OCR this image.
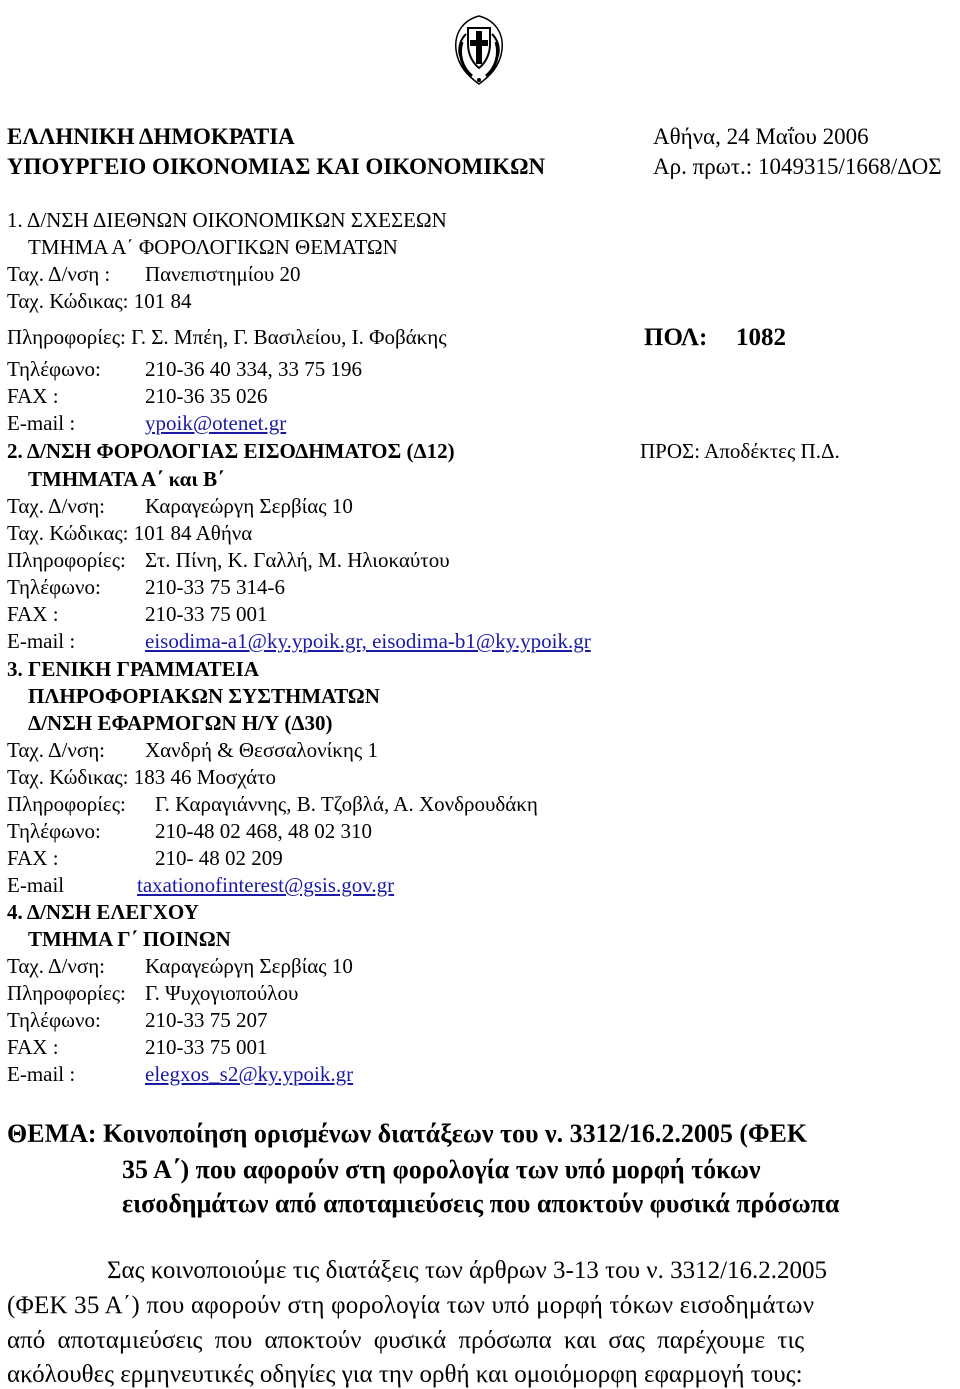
ΕΛΛΗΝΙΚΗ ΔΗΜΟΚΡΑΤΙΑ
ΥΠΟΥΡΓΕΙΟ ΟΙΚΟΝΟΜΙΑΣ ΚΑΙ ΟΙΚΟΝΟΜΙΚΩΝ
Αθήνα, 24 Μαΐου 2006
Αρ. πρωτ.: 1049315/1668/ΔΟΣ
1. Δ/ΝΣΗ ΔΙΕΘΝΩΝ ΟΙΚΟΝΟΜΙΚΩΝ ΣΧΕΣΕΩΝ
ΤΜΗΜΑ Α΄ ΦΟΡΟΛΟΓΙΚΩΝ ΘΕΜΑΤΩΝ
Ταχ. Δ/νση : Πανεπιστημίου 20
Ταχ. Κώδικας: 101 84
Πληροφορίες: Γ. Σ. Μπέη, Γ. Βασιλείου, Ι. Φοβάκης	ΠΟΛ: 1082
Τηλέφωνο: 210-36 40 334, 33 75 196
FAX :	210-36 35 026
E-mail :	ypoik@otenet.gr
2. Δ/ΝΣΗ ΦΟΡΟΛΟΓΙΑΣ ΕΙΣΟΔΗΜΑΤΟΣ (Δ12)	ΠΡΟΣ: Αποδέκτες Π.Δ.
ΤΜΗΜΑΤΑ Α΄ και Β΄
Ταχ. Δ/νση: Καραγεώργη Σερβίας 10
Ταχ. Κώδικας: 101 84 Αθήνα
Πληροφορίες: Στ. Πίνη, Κ. Γαλλή, Μ. Ηλιοκαύτου
Τηλέφωνο: 210-33 75 314-6
FAX :	210-33 75 001
E-mail :	eisodima-a1@ky.ypoik.gr, eisodima-b1@ky.ypoik.gr
3. ΓΕΝΙΚΗ ΓΡΑΜΜΑΤΕΙΑ
ΠΛΗΡΟΦΟΡΙΑΚΩΝ ΣΥΣΤΗΜΑΤΩΝ
Δ/ΝΣΗ ΕΦΑΡΜΟΓΩΝ Η/Υ (Δ30)
Ταχ. Δ/νση: Χανδρή & Θεσσαλονίκης 1
Ταχ. Κώδικας: 183 46 Μοσχάτο
Πληροφορίες: Γ. Καραγιάννης, Β. Τζοβλά, Α. Χονδρουδάκη
Τηλέφωνο:	210-48 02 468, 48 02 310
FAX :	210- 48 02 209
E-mail	taxationofinterest@gsis.gov.gr
4. Δ/ΝΣΗ ΕΛΕΓΧΟΥ
ΤΜΗΜΑ Γ΄ ΠΟΙΝΩΝ
Ταχ. Δ/νση: Καραγεώργη Σερβίας 10
Πληροφορίες: Γ. Ψυχογιοπούλου
Τηλέφωνο: 210-33 75 207
FAX :	210-33 75 001
E-mail :	elegxos_s2@ky.ypoik.gr
ΘΕΜΑ: Κοινοποίηση ορισμένων διατάξεων του ν. 3312/16.2.2005 (ΦΕΚ
35 Α΄) που αφορούν στη φορολογία των υπό μορφή τόκων
εισοδημάτων από αποταμιεύσεις που αποκτούν φυσικά πρόσωπα
Σας κοινοποιούμε τις διατάξεις των άρθρων 3-13 του ν. 3312/16.2.2005
(ΦΕΚ 35 Α΄) που αφορούν στη φορολογία των υπό μορφή τόκων εισοδημάτων
από αποταμιεύσεις που αποκτούν φυσικά πρόσωπα και σας παρέχουμε τις
ακόλουθες ερμηνευτικές οδηγίες για την ορθή και ομοιόμορφη εφαρμογή τους:
